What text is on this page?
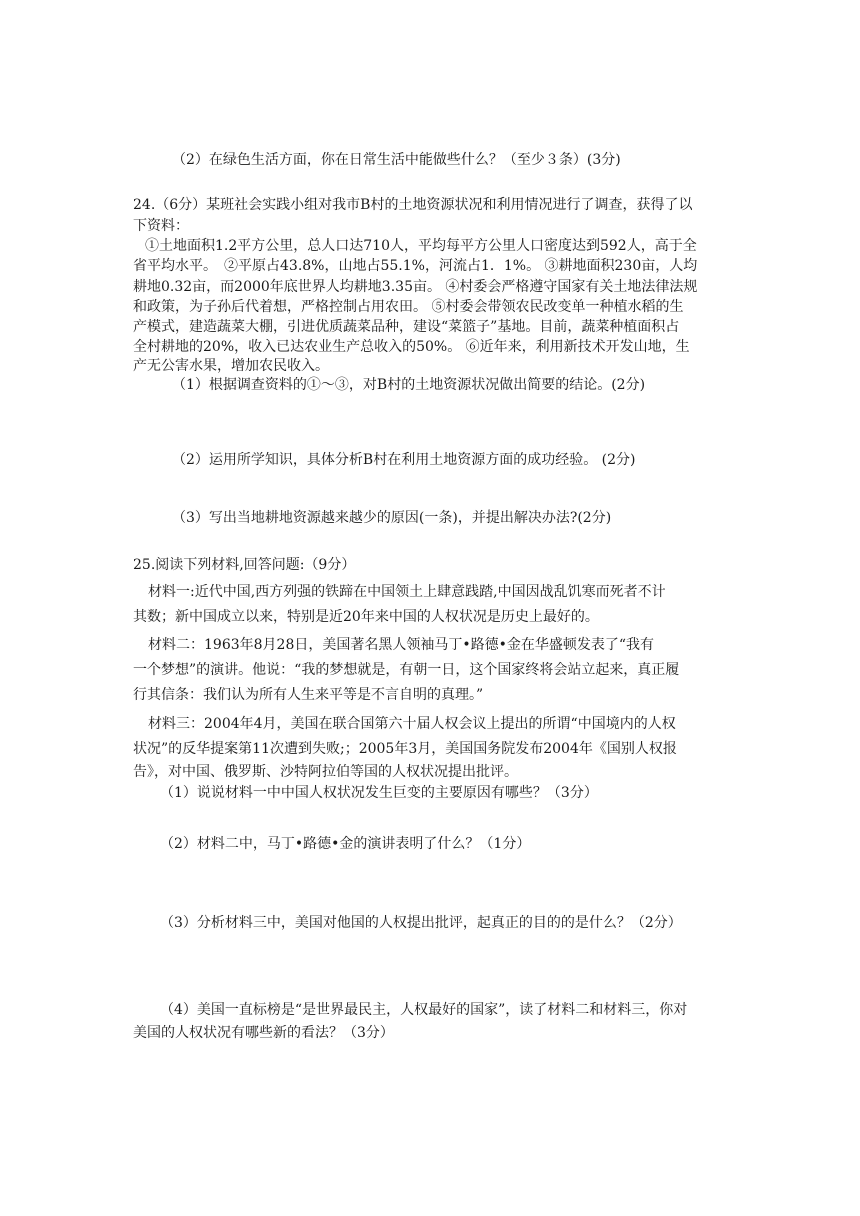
（2）在绿色生活方面，你在日常生活中能做些什么？（至少３条）(3分)
24.（6分）某班社会实践小组对我市B村的土地资源状况和利用情况进行了调查，获得了以
下资料：
①土地面积1.2平方公里，总人口达710人，平均每平方公里人口密度达到592人，高于全
省平均水平。　②平原占43.8%，山地占55.1%，河流占1．1%。 ③耕地面积230亩，人均
耕地0.32亩，而2000年底世界人均耕地3.35亩。 ④村委会严格遵守国家有关土地法律法规
和政策，为子孙后代着想，严格控制占用农田。 ⑤村委会带领农民改变单一种植水稻的生
产模式，建造蔬菜大棚，引进优质蔬菜品种，建设“菜篮子”基地。目前，蔬菜种植面积占
全村耕地的20%，收入已达农业生产总收入的50%。 ⑥近年来，利用新技术开发山地，生
产无公害水果，增加农民收入。
（1）根据调查资料的①～③，对B村的土地资源状况做出简要的结论。(2分)
（2）运用所学知识，具体分析B村在利用土地资源方面的成功经验。 (2分)
（3）写出当地耕地资源越来越少的原因(一条)，并提出解决办法?(2分)
25.阅读下列材料,回答问题:（9分）
材料一:近代中国,西方列强的铁蹄在中国领土上肆意践踏,中国因战乱饥寒而死者不计
其数；新中国成立以来，特别是近20年来中国的人权状况是历史上最好的。
材料二：1963年8月28日，美国著名黑人领袖马丁•路德•金在华盛顿发表了“我有
一个梦想”的演讲。他说：“我的梦想就是，有朝一日，这个国家终将会站立起来，真正履
行其信条：我们认为所有人生来平等是不言自明的真理。”
材料三：2004年4月，美国在联合国第六十届人权会议上提出的所谓“中国境内的人权
状况”的反华提案第11次遭到失败;；2005年3月，美国国务院发布2004年《国别人权报
告》，对中国、俄罗斯、沙特阿拉伯等国的人权状况提出批评。
（1）说说材料一中中国人权状况发生巨变的主要原因有哪些？（3分）
（2）材料二中，马丁•路德•金的演讲表明了什么？（1分）
（3）分析材料三中，美国对他国的人权提出批评，起真正的目的的是什么？（2分）
（4）美国一直标榜是“是世界最民主，人权最好的国家”，读了材料二和材料三，你对
美国的人权状况有哪些新的看法？（3分）
